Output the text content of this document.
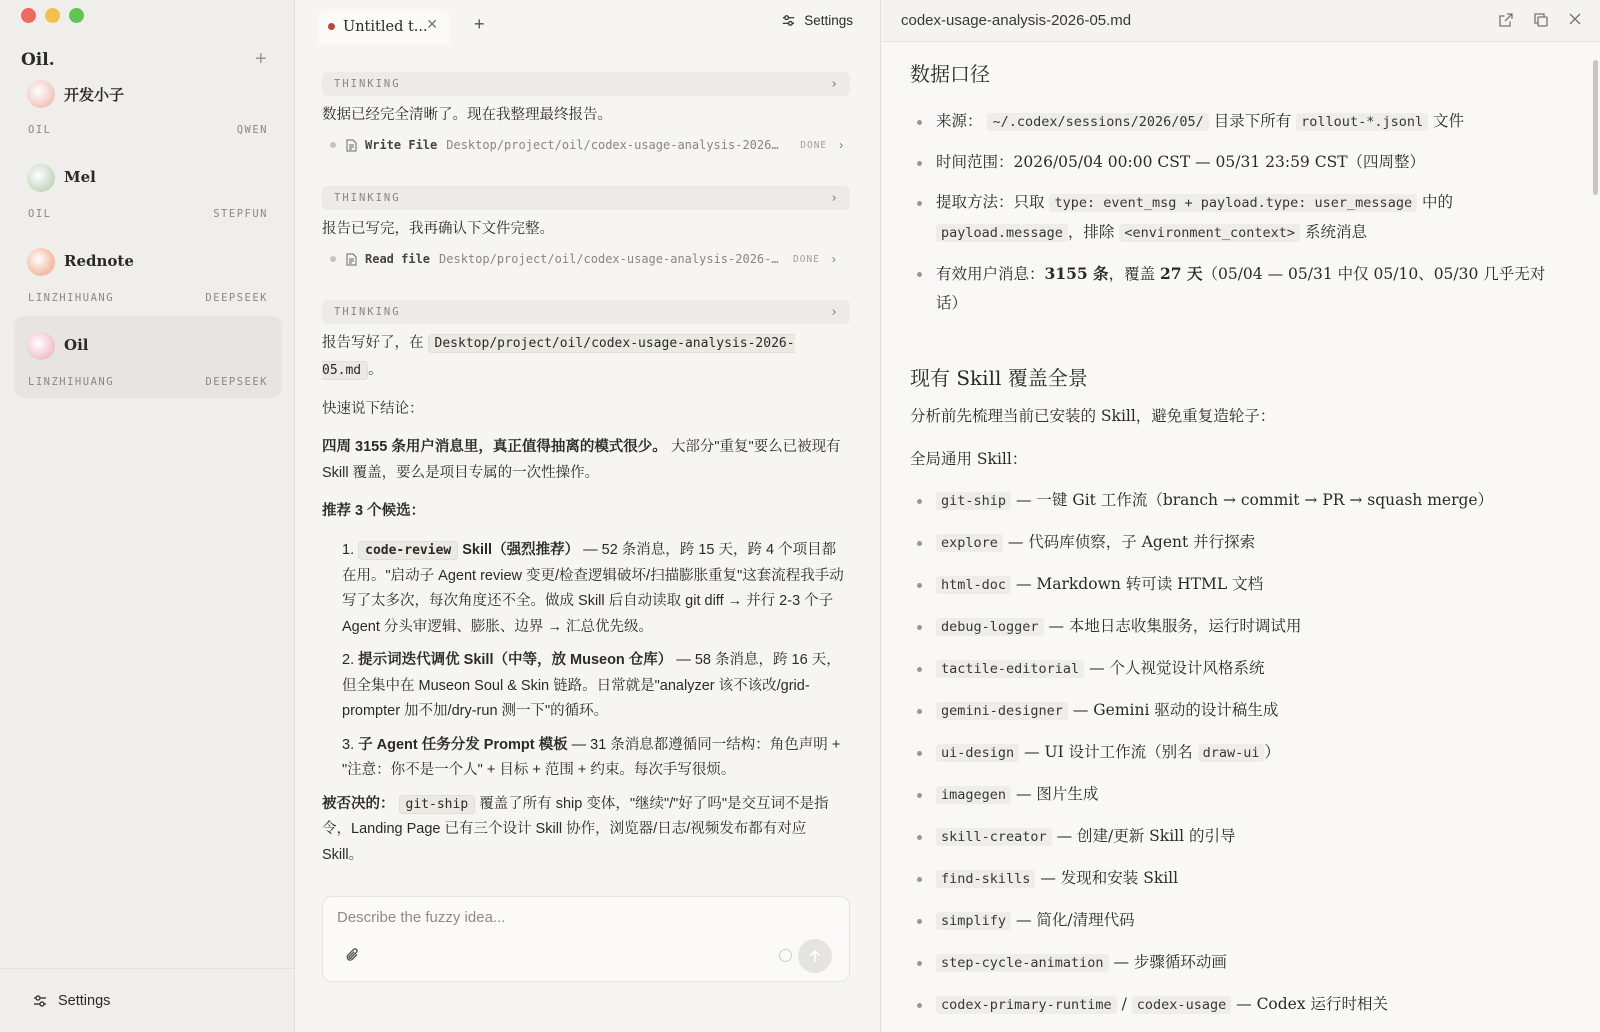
Oil.	+
开发小子
OIL	QWEN
Mel
OIL	STEPFUN
Rednote
LINZHIHUANG	DEEPSEEK
Oil
LINZHIHUANG	DEEPSEEK
Settings
Untitled t...
✕ +	Settings
THINKING	›
数据已经完全清晰了。现在我整理最终报告。
Write File Desktop/project/oil/codex-usage-analysis-2026…	DONE ›
THINKING	›
报告已写完，我再确认下文件完整。
Read file Desktop/project/oil/codex-usage-analysis-2026-…	DONE ›
THINKING	›
报告写好了，在 Desktop/project/oil/codex-usage-analysis-2026-05.md 。
快速说下结论：
四周 3155 条用户消息里，真正值得抽离的模式很少。 大部分"重复"要么已被现有 Skill 覆盖，要么是项目专属的一次性操作。
推荐 3 个候选：
1. code-review Skill（强烈推荐） — 52 条消息，跨 15 天，跨 4 个项目都在用。"启动子 Agent review 变更/检查逻辑破坏/扫描膨胀重复"这套流程我手动写了太多次，每次角度还不全。做成 Skill 后自动读取 git diff → 并行 2-3 个子 Agent 分头审逻辑、膨胀、边界 → 汇总优先级。
2. 提示词迭代调优 Skill（中等，放 Museon 仓库） — 58 条消息，跨 16 天，但全集中在 Museon Soul & Skin 链路。日常就是"analyzer 该不该改/grid-prompter 加不加/dry-run 测一下"的循环。
3. 子 Agent 任务分发 Prompt 模板 — 31 条消息都遵循同一结构：角色声明 + "注意：你不是一个人" + 目标 + 范围 + 约束。每次手写很烦。
被否决的： git-ship 覆盖了所有 ship 变体，"继续"/"好了吗"是交互词不是指令，Landing Page 已有三个设计 Skill 协作，浏览器/日志/视频发布都有对应 Skill。
Describe the fuzzy idea...
codex-usage-analysis-2026-05.md
数据口径
来源： ~/.codex/sessions/2026/05/ 目录下所有 rollout-*.jsonl 文件
时间范围：2026/05/04 00:00 CST — 05/31 23:59 CST（四周整）
提取方法：只取 type: event_msg + payload.type: user_message 中的 payload.message ，排除 <environment_context> 系统消息
有效用户消息：3155 条，覆盖 27 天（05/04 — 05/31 中仅 05/10、05/30 几乎无对话）
现有 Skill 覆盖全景

分析前先梳理当前已安装的 Skill，避免重复造轮子：

全局通用 Skill：

git-ship — 一键 Git 工作流（branch → commit → PR → squash merge）
explore — 代码库侦察，子 Agent 并行探索
html-doc — Markdown 转可读 HTML 文档
debug-logger — 本地日志收集服务，运行时调试用
tactile-editorial — 个人视觉设计风格系统
gemini-designer — Gemini 驱动的设计稿生成
ui-design — UI 设计工作流（别名 draw-ui ）
imagegen — 图片生成
skill-creator — 创建/更新 Skill 的引导
find-skills — 发现和安装 Skill
simplify — 简化/清理代码
step-cycle-animation — 步骤循环动画
codex-primary-runtime / codex-usage — Codex 运行时相关
